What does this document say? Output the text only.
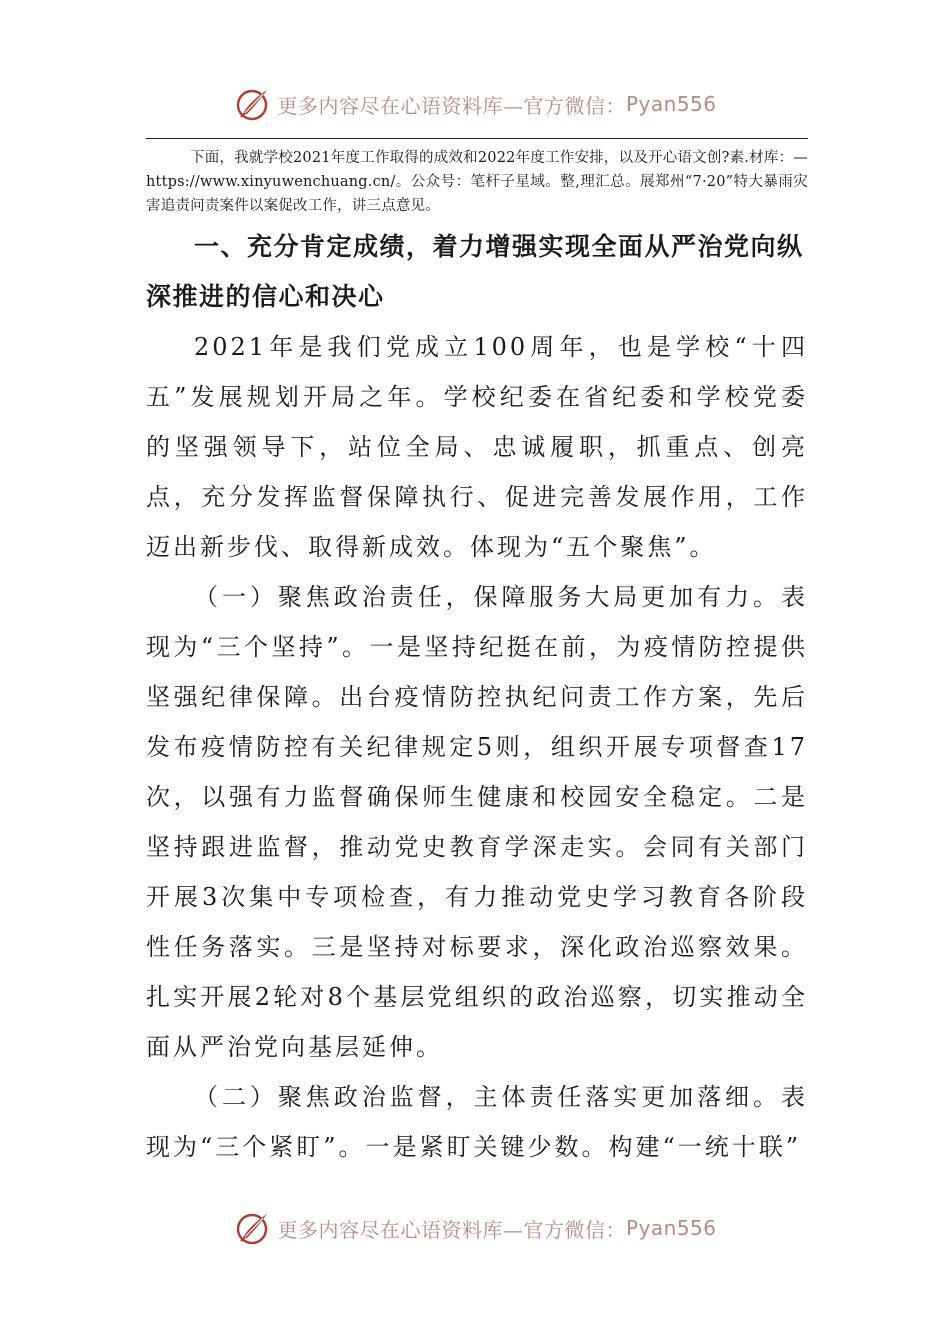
更多内容尽在心语资料库—官方微信： Pyan556

下面，我就学校2021年度工作取得的成效和2022年度工作安排，以及开心语文创?素.材库：—https://www.xinyuwenchuang.cn/。公众号：笔杆子星域。整,理汇总。展郑州“7·20”特大暴雨灾害追责问责案件以案促改工作，讲三点意见。

一、充分肯定成绩，着力增强实现全面从严治党向纵深推进的信心和决心

2021年是我们党成立100周年，也是学校“十四五”发展规划开局之年。学校纪委在省纪委和学校党委的坚强领导下，站位全局、忠诚履职，抓重点、创亮点，充分发挥监督保障执行、促进完善发展作用，工作迈出新步伐、取得新成效。体现为“五个聚焦”。

（一）聚焦政治责任，保障服务大局更加有力。表现为“三个坚持”。一是坚持纪挺在前，为疫情防控提供坚强纪律保障。出台疫情防控执纪问责工作方案，先后发布疫情防控有关纪律规定5则，组织开展专项督查17次，以强有力监督确保师生健康和校园安全稳定。二是坚持跟进监督，推动党史教育学深走实。会同有关部门开展3次集中专项检查，有力推动党史学习教育各阶段性任务落实。三是坚持对标要求，深化政治巡察效果。扎实开展2轮对8个基层党组织的政治巡察，切实推动全面从严治党向基层延伸。

（二）聚焦政治监督，主体责任落实更加落细。表现为“三个紧盯”。一是紧盯关键少数。构建“一统十联”

更多内容尽在心语资料库—官方微信： Pyan556
